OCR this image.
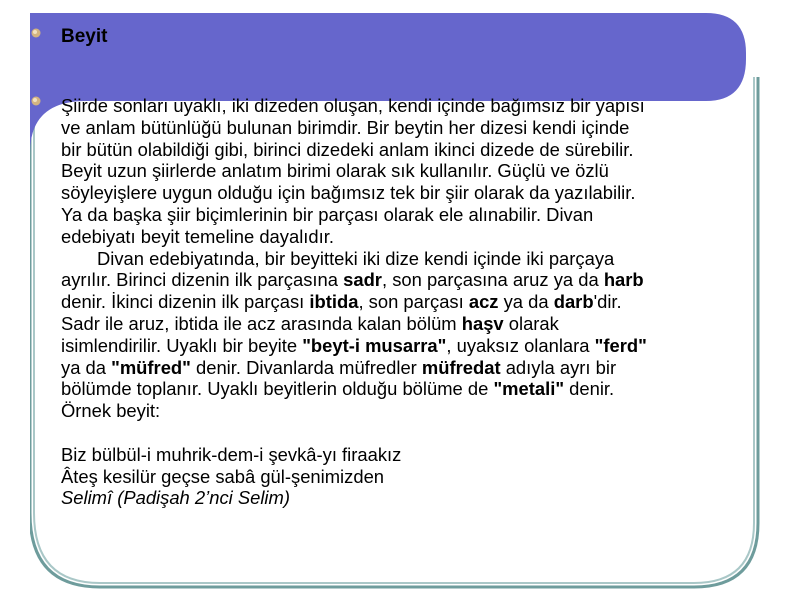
Beyit
Şiirde sonları uyaklı, iki dizeden oluşan, kendi içinde bağımsız bir yapısı
ve anlam bütünlüğü bulunan birimdir. Bir beytin her dizesi kendi içinde
bir bütün olabildiği gibi, birinci dizedeki anlam ikinci dizede de sürebilir.
Beyit uzun şiirlerde anlatım birimi olarak sık kullanılır. Güçlü ve özlü
söyleyişlere uygun olduğu için bağımsız tek bir şiir olarak da yazılabilir.
Ya da başka şiir biçimlerinin bir parçası olarak ele alınabilir. Divan
edebiyatı beyit temeline dayalıdır.
Divan edebiyatında, bir beyitteki iki dize kendi içinde iki parçaya
ayrılır. Birinci dizenin ilk parçasına sadr, son parçasına aruz ya da harb
denir. İkinci dizenin ilk parçası ibtida, son parçası acz ya da darb'dir.
Sadr ile aruz, ibtida ile acz arasında kalan bölüm haşv olarak
isimlendirilir. Uyaklı bir beyite "beyt-i musarra", uyaksız olanlara "ferd"
ya da "müfred" denir. Divanlarda müfredler müfredat adıyla ayrı bir
bölümde toplanır. Uyaklı beyitlerin olduğu bölüme de "metali" denir.
Örnek beyit:
Biz bülbül-i muhrik-dem-i şevkâ-yı firaakız
Âteş kesilür geçse sabâ gül-şenimizden
Selimî (Padişah 2’nci Selim)
